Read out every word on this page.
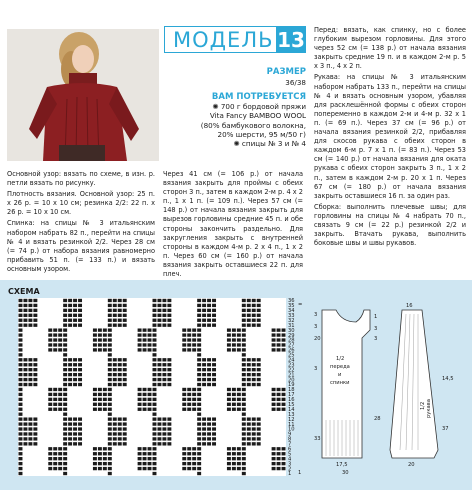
МОДЕЛЬ 13
РАЗМЕР
36/38
ВАМ ПОТРЕБУЕТСЯ
✺ 700 г бордовой пряжи
Vita Fancy BAMBOO WOOL
(80% бамбукового волокна,
20% шерсти, 95 м/50 г)
✺ спицы № 3 и № 4

Основной узор: вязать по схеме, в изн. р. петли вязать по рисунку.

Плотность вязания. Основной узор: 25 п. х 26 р. = 10 х 10 см; резинка 2/2: 22 п. х 26 р. = 10 х 10 см.

Спинка: на спицы № 3 итальянским набором набрать 82 п., перейти на спицы № 4 и вязать резинкой 2/2. Через 28 см (= 74 р.) от набора вязания равномерно прибавить 51 п. (= 133 п.) и вязать основным узором.

Через 41 см (= 106 р.) от начала вязания закрыть для проймы с обеих сторон 3 п., затем в каждом 2-м р. 4 х 2 п., 1 х 1 п. (= 109 п.). Через 57 см (= 148 р.) от начала вязания закрыть для вырезов горловины средние 45 п. и обе стороны закончить раздельно. Для закругления закрыть с внутренней стороны в каждом 4-м р. 2 х 4 п., 1 х 2 п. Через 60 см (= 160 р.) от начала вязания закрыть оставшиеся 22 п. для плеч.

Перед: вязать, как спинку, но с более глубоким вырезом горловины. Для этого через 52 см (= 138 р.) от начала вязания закрыть средние 19 п. и в каждом 2-м р. 5 х 3 п., 4 х 2 п.

Рукава: на спицы № 3 итальянским набором набрать 133 п., перейти на спицы № 4 и вязать основным узором, убавляя для расклешённой формы с обеих сторон попеременно в каждом 2-м и 4-м р. 32 х 1 п. (= 69 п.). Через 37 см (= 96 р.) от начала вязания резинкой 2/2, прибавляя для скосов рукава с обеих сторон в каждом 6-м р. 7 х 1 п. (= 83 п.). Через 53 см (= 140 р.) от начала вязания для оката рукава с обеих сторон закрыть 3 п., 1 х 2 п., затем в каждом 2-м р. 20 х 1 п. Через 67 см (= 180 р.) от начала вязания закрыть оставшиеся 16 п. за один раз.

Сборка: выполнить плечевые швы; для горловины на спицы № 4 набрать 70 п., связать 9 см (= 22 р.) резинкой 2/2 и закрыть. Втачать рукава, выполнить боковые швы и швы рукавов.

СХЕМА
36
35
34
33
32
31
30
29
28
27
26
25
24
23
22
21
20
19
18
17
16
15
14
13
12
11
10
9
8
7
6
5
4
3
2
1
=
1
1/2
переда
и
спинки
1/2 рукава
3
3
20
1
3
3
28
17,5
3
33
16
14,5
20
37
30
